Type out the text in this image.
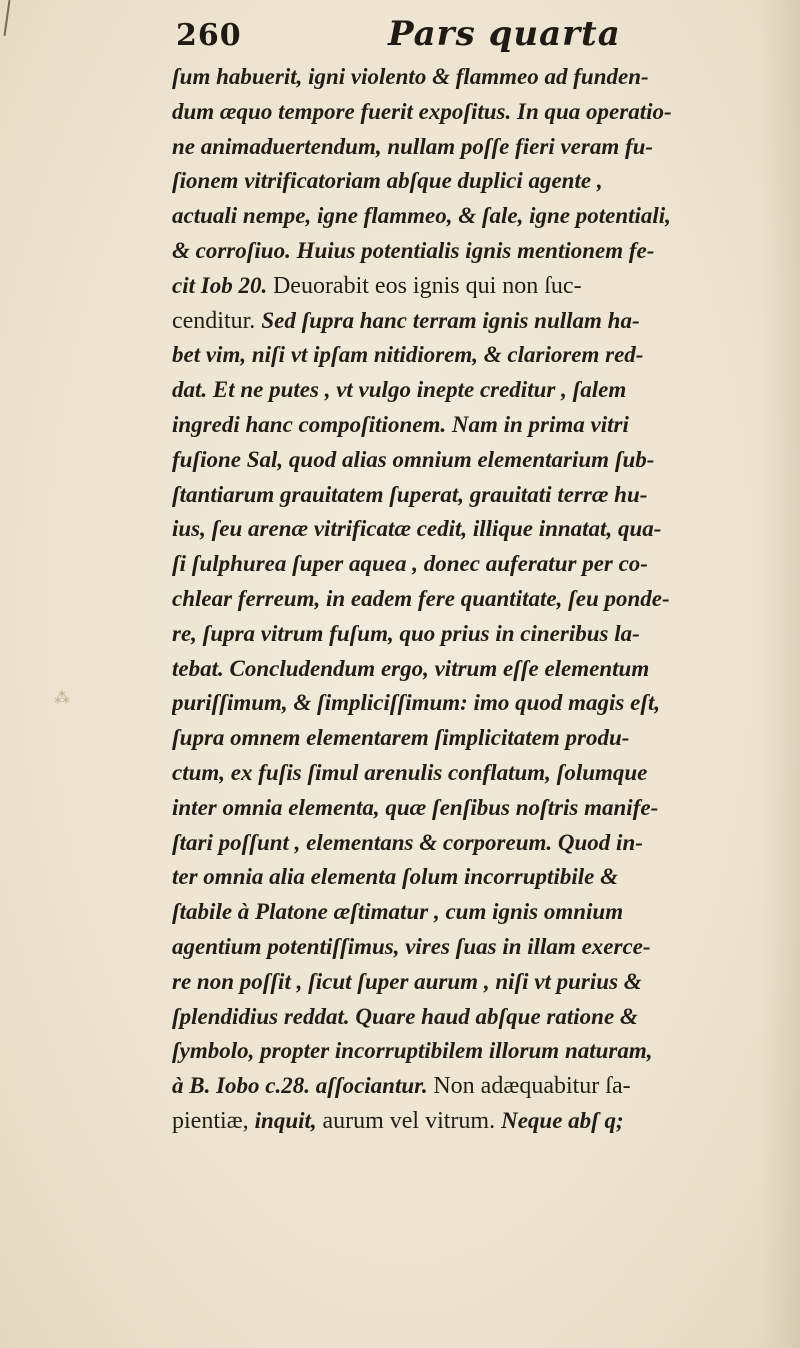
260	Pars quarta
⁂
ſum habuerit, igni violento & flammeo ad funden-
dum æquo tempore fuerit expoſitus. In qua operatio-
ne animaduertendum, nullam poſſe fieri veram fu-
ſionem vitrificatoriam abſque duplici agente ,
actuali nempe, igne flammeo, & ſale, igne potentiali,
& corroſiuo. Huius potentialis ignis mentionem fe-
cit Iob 20. Deuorabit eos ignis qui non ſuc-
cenditur. Sed ſupra hanc terram ignis nullam ha-
bet vim, niſi vt ipſam nitidiorem, & clariorem red-
dat. Et ne putes , vt vulgo inepte creditur , ſalem
ingredi hanc compoſitionem. Nam in prima vitri
fuſione Sal, quod alias omnium elementarium ſub-
ſtantiarum grauitatem ſuperat, grauitati terræ hu-
ius, ſeu arenæ vitrificatæ cedit, illique innatat, qua-
ſi ſulphurea ſuper aquea , donec auferatur per co-
chlear ferreum, in eadem fere quantitate, ſeu ponde-
re, ſupra vitrum fuſum, quo prius in cineribus la-
tebat. Concludendum ergo, vitrum eſſe elementum
puriſſimum, & ſimpliciſſimum: imo quod magis eſt,
ſupra omnem elementarem ſimplicitatem produ-
ctum, ex fuſis ſimul arenulis conflatum, ſolumque
inter omnia elementa, quæ ſenſibus noſtris manife-
ſtari poſſunt , elementans & corporeum. Quod in-
ter omnia alia elementa ſolum incorruptibile &
ſtabile à Platone æſtimatur , cum ignis omnium
agentium potentiſſimus, vires ſuas in illam exerce-
re non poſſit , ſicut ſuper aurum , niſi vt purius &
ſplendidius reddat. Quare haud abſque ratione &
ſymbolo, propter incorruptibilem illorum naturam,
à B. Iobo c.28. aſſociantur. Non adæquabitur ſa-
pientiæ, inquit, aurum vel vitrum. Neque abſ q;
